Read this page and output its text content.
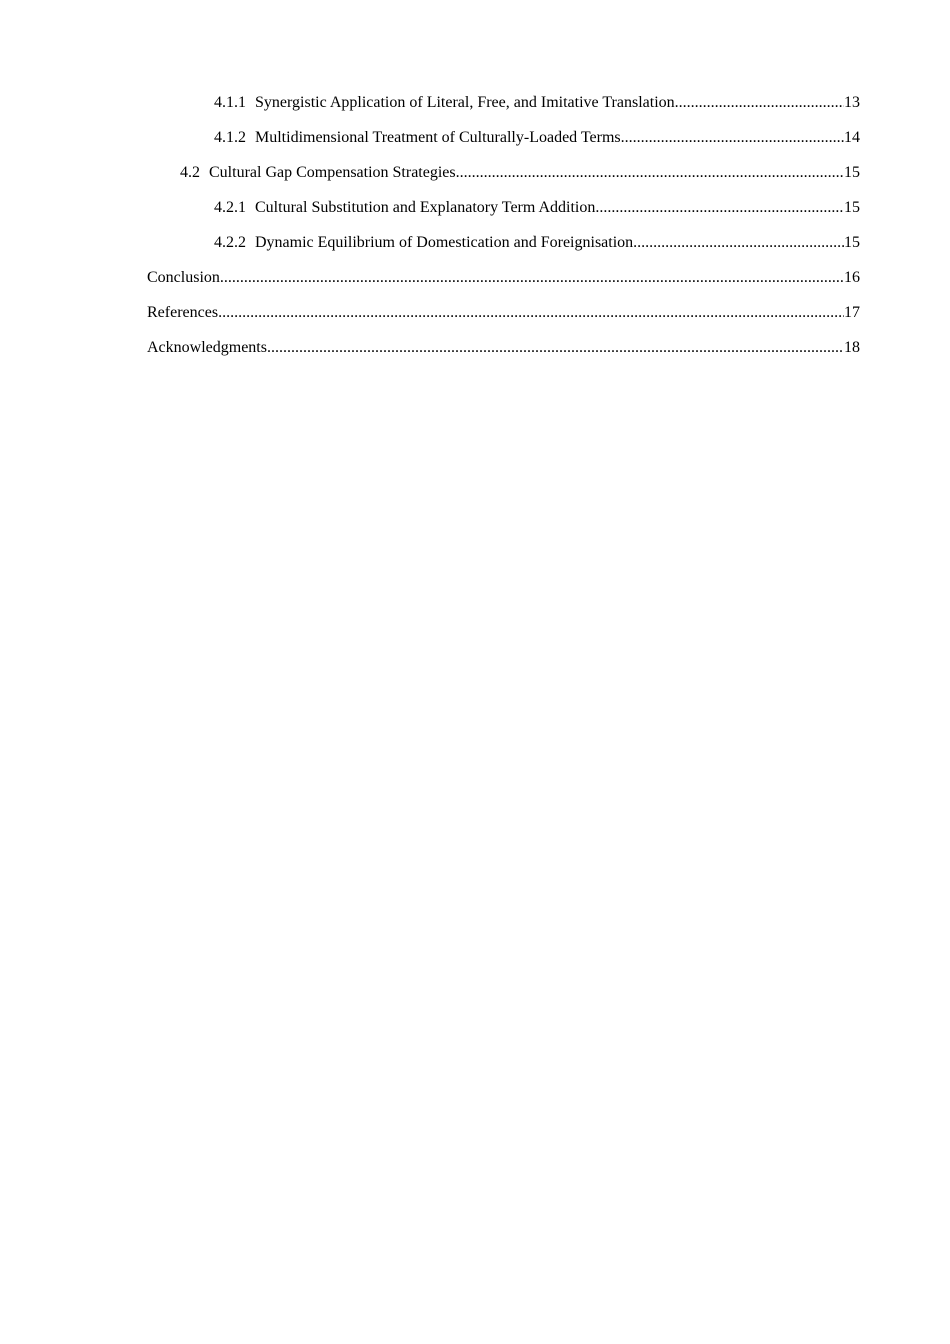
4.1.1 Synergistic Application of Literal, Free, and Imitative Translation .....	13
4.1.2 Multidimensional Treatment of Culturally-Loaded Terms .....	14
4.2 Cultural Gap Compensation Strategies .....	15
4.2.1 Cultural Substitution and Explanatory Term Addition .....	15
4.2.2 Dynamic Equilibrium of Domestication and Foreignisation .....	15
Conclusion .....	16
References .....	17
Acknowledgments .....	18
